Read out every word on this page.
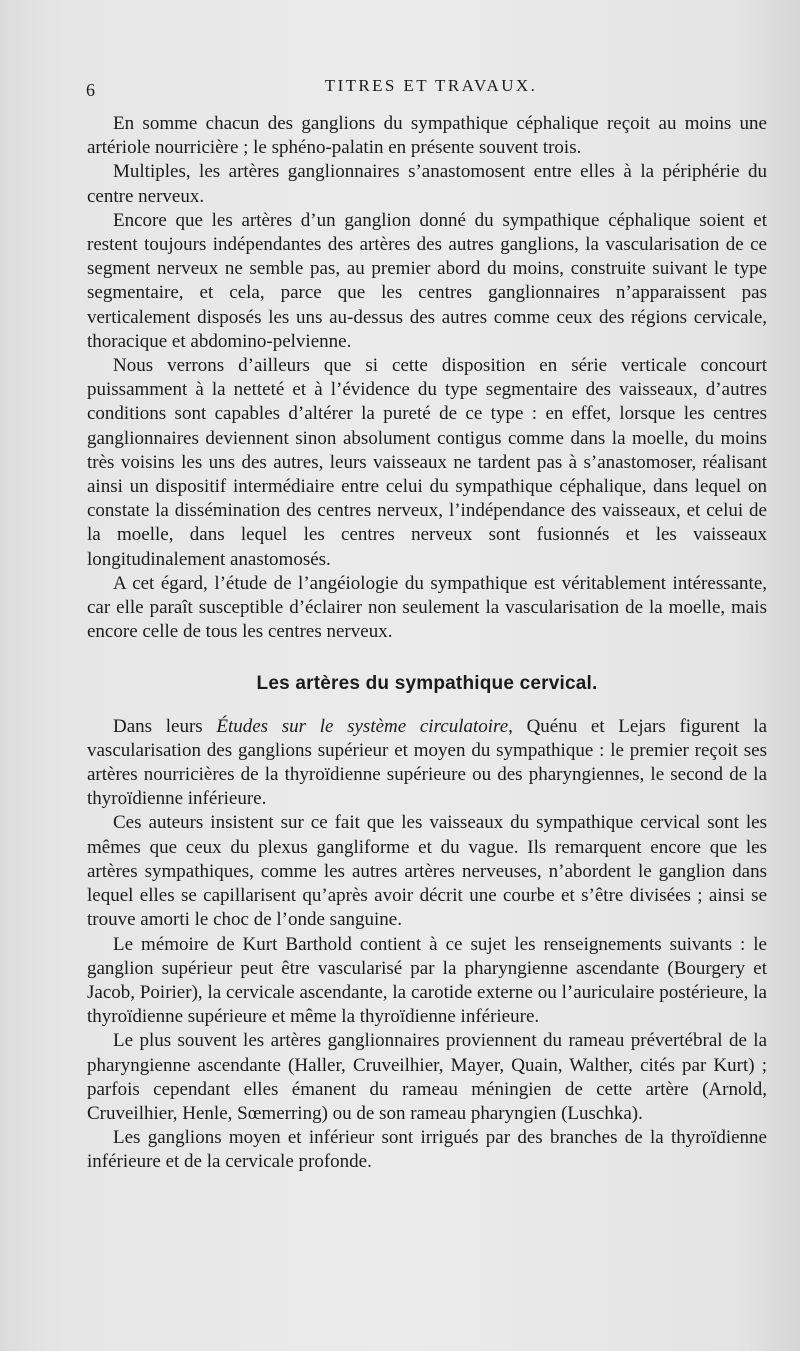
6	TITRES ET TRAVAUX.

En somme chacun des ganglions du sympathique céphalique reçoit au moins une artériole nourricière ; le sphéno-palatin en présente souvent trois.

Multiples, les artères ganglionnaires s’anastomosent entre elles à la périphérie du centre nerveux.

Encore que les artères d’un ganglion donné du sympathique céphalique soient et restent toujours indépendantes des artères des autres ganglions, la vascularisation de ce segment nerveux ne semble pas, au premier abord du moins, construite suivant le type segmentaire, et cela, parce que les centres ganglionnaires n’apparaissent pas verticalement disposés les uns au-dessus des autres comme ceux des régions cervicale, thoracique et abdomino-pelvienne.

Nous verrons d’ailleurs que si cette disposition en série verticale concourt puissamment à la netteté et à l’évidence du type segmentaire des vaisseaux, d’autres conditions sont capables d’altérer la pureté de ce type : en effet, lorsque les centres ganglionnaires deviennent sinon absolument contigus comme dans la moelle, du moins très voisins les uns des autres, leurs vaisseaux ne tardent pas à s’anastomoser, réalisant ainsi un dispositif intermédiaire entre celui du sympathique céphalique, dans lequel on constate la dissémination des centres nerveux, l’indépendance des vaisseaux, et celui de la moelle, dans lequel les centres nerveux sont fusionnés et les vaisseaux longitudinalement anastomosés.

A cet égard, l’étude de l’angéiologie du sympathique est véritablement intéressante, car elle paraît susceptible d’éclairer non seulement la vascularisation de la moelle, mais encore celle de tous les centres nerveux.

Les artères du sympathique cervical.

Dans leurs Études sur le système circulatoire, Quénu et Lejars figurent la vascularisation des ganglions supérieur et moyen du sympathique : le premier reçoit ses artères nourricières de la thyroïdienne supérieure ou des pharyngiennes, le second de la thyroïdienne inférieure.

Ces auteurs insistent sur ce fait que les vaisseaux du sympathique cervical sont les mêmes que ceux du plexus gangliforme et du vague. Ils remarquent encore que les artères sympathiques, comme les autres artères nerveuses, n’abordent le ganglion dans lequel elles se capillarisent qu’après avoir décrit une courbe et s’être divisées ; ainsi se trouve amorti le choc de l’onde sanguine.

Le mémoire de Kurt Barthold contient à ce sujet les renseignements suivants : le ganglion supérieur peut être vascularisé par la pharyngienne ascendante (Bourgery et Jacob, Poirier), la cervicale ascendante, la carotide externe ou l’auriculaire postérieure, la thyroïdienne supérieure et même la thyroïdienne inférieure.

Le plus souvent les artères ganglionnaires proviennent du rameau prévertébral de la pharyngienne ascendante (Haller, Cruveilhier, Mayer, Quain, Walther, cités par Kurt) ; parfois cependant elles émanent du rameau méningien de cette artère (Arnold, Cruveilhier, Henle, Sœmerring) ou de son rameau pharyngien (Luschka).

Les ganglions moyen et inférieur sont irrigués par des branches de la thyroïdienne inférieure et de la cervicale profonde.
